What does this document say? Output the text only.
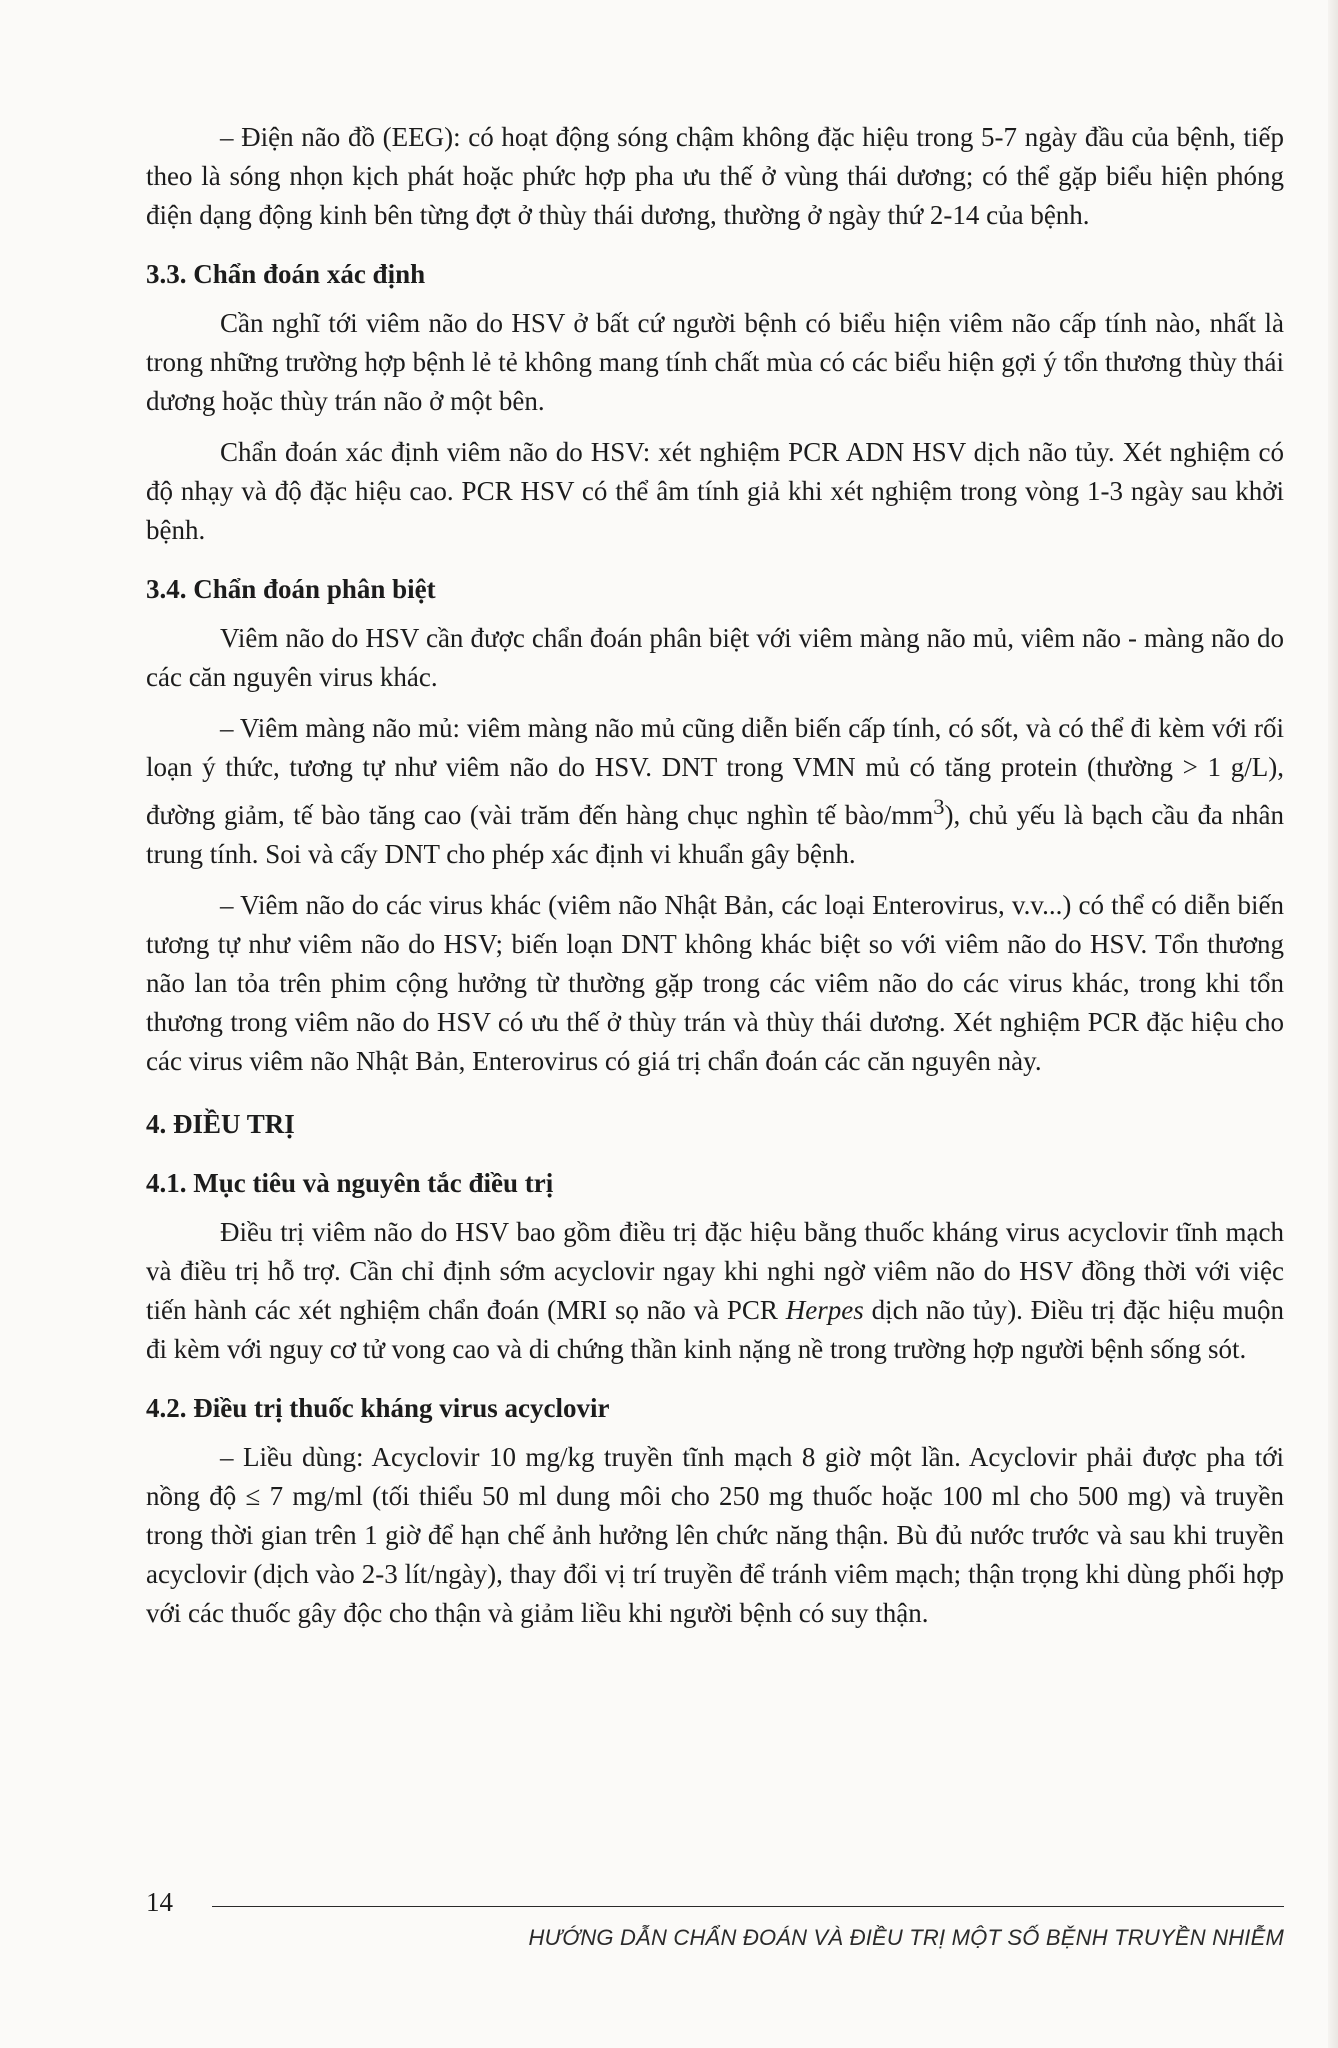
– Điện não đồ (EEG): có hoạt động sóng chậm không đặc hiệu trong 5-7 ngày đầu của bệnh, tiếp theo là sóng nhọn kịch phát hoặc phức hợp pha ưu thế ở vùng thái dương; có thể gặp biểu hiện phóng điện dạng động kinh bên từng đợt ở thùy thái dương, thường ở ngày thứ 2-14 của bệnh.

3.3. Chẩn đoán xác định

Cần nghĩ tới viêm não do HSV ở bất cứ người bệnh có biểu hiện viêm não cấp tính nào, nhất là trong những trường hợp bệnh lẻ tẻ không mang tính chất mùa có các biểu hiện gợi ý tổn thương thùy thái dương hoặc thùy trán não ở một bên.

Chẩn đoán xác định viêm não do HSV: xét nghiệm PCR ADN HSV dịch não tủy. Xét nghiệm có độ nhạy và độ đặc hiệu cao. PCR HSV có thể âm tính giả khi xét nghiệm trong vòng 1-3 ngày sau khởi bệnh.

3.4. Chẩn đoán phân biệt

Viêm não do HSV cần được chẩn đoán phân biệt với viêm màng não mủ, viêm não - màng não do các căn nguyên virus khác.

– Viêm màng não mủ: viêm màng não mủ cũng diễn biến cấp tính, có sốt, và có thể đi kèm với rối loạn ý thức, tương tự như viêm não do HSV. DNT trong VMN mủ có tăng protein (thường > 1 g/L), đường giảm, tế bào tăng cao (vài trăm đến hàng chục nghìn tế bào/$mm^3$), chủ yếu là bạch cầu đa nhân trung tính. Soi và cấy DNT cho phép xác định vi khuẩn gây bệnh.

– Viêm não do các virus khác (viêm não Nhật Bản, các loại Enterovirus, v.v...) có thể có diễn biến tương tự như viêm não do HSV; biến loạn DNT không khác biệt so với viêm não do HSV. Tổn thương não lan tỏa trên phim cộng hưởng từ thường gặp trong các viêm não do các virus khác, trong khi tổn thương trong viêm não do HSV có ưu thế ở thùy trán và thùy thái dương. Xét nghiệm PCR đặc hiệu cho các virus viêm não Nhật Bản, Enterovirus có giá trị chẩn đoán các căn nguyên này.

4. ĐIỀU TRỊ
4.1. Mục tiêu và nguyên tắc điều trị

Điều trị viêm não do HSV bao gồm điều trị đặc hiệu bằng thuốc kháng virus acyclovir tĩnh mạch và điều trị hỗ trợ. Cần chỉ định sớm acyclovir ngay khi nghi ngờ viêm não do HSV đồng thời với việc tiến hành các xét nghiệm chẩn đoán (MRI sọ não và PCR Herpes dịch não tủy). Điều trị đặc hiệu muộn đi kèm với nguy cơ tử vong cao và di chứng thần kinh nặng nề trong trường hợp người bệnh sống sót.

4.2. Điều trị thuốc kháng virus acyclovir

– Liều dùng: Acyclovir 10 mg/kg truyền tĩnh mạch 8 giờ một lần. Acyclovir phải được pha tới nồng độ ≤ 7 mg/ml (tối thiểu 50 ml dung môi cho 250 mg thuốc hoặc 100 ml cho 500 mg) và truyền trong thời gian trên 1 giờ để hạn chế ảnh hưởng lên chức năng thận. Bù đủ nước trước và sau khi truyền acyclovir (dịch vào 2-3 lít/ngày), thay đổi vị trí truyền để tránh viêm mạch; thận trọng khi dùng phối hợp với các thuốc gây độc cho thận và giảm liều khi người bệnh có suy thận.

14
HƯỚNG DẪN CHẨN ĐOÁN VÀ ĐIỀU TRỊ MỘT SỐ BỆNH TRUYỀN NHIỄM
